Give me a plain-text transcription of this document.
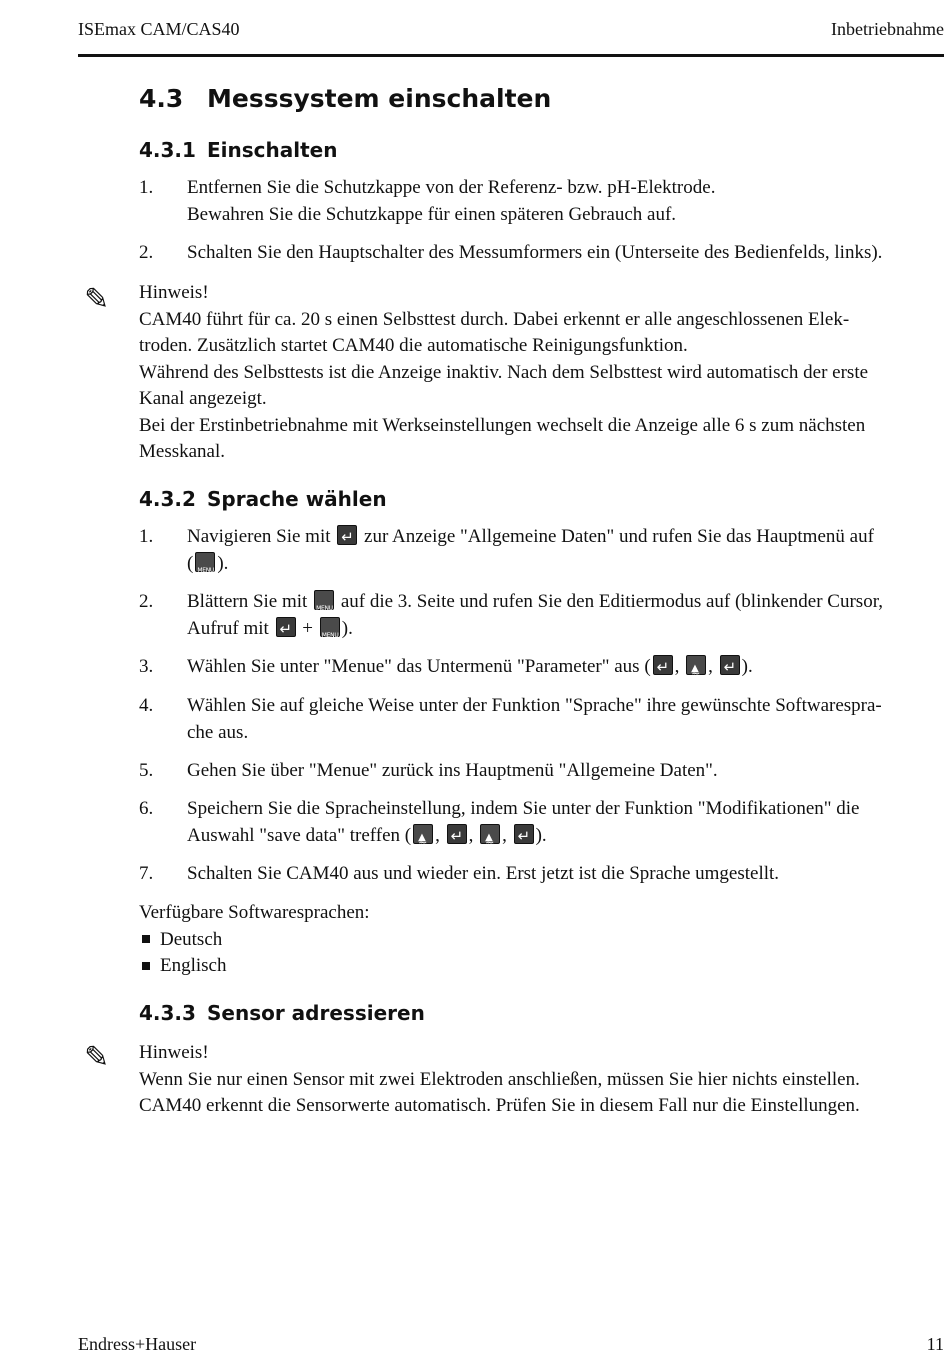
ISEmax CAM/CAS40	Inbetriebnahme
4.3 Messsystem einschalten
4.3.1 Einschalten
1. Entfernen Sie die Schutzkappe von der Referenz- bzw. pH-Elektrode.
Bewahren Sie die Schutzkappe für einen späteren Gebrauch auf.
2. Schalten Sie den Hauptschalter des Messumformers ein (Unterseite des Bedienfelds, links).
Hinweis!
CAM40 führt für ca. 20 s einen Selbsttest durch. Dabei erkennt er alle angeschlossenen Elek-
troden. Zusätzlich startet CAM40 die automatische Reinigungsfunktion.
Während des Selbsttests ist die Anzeige inaktiv. Nach dem Selbsttest wird automatisch der erste
Kanal angezeigt.
Bei der Erstinbetriebnahme mit Werkseinstellungen wechselt die Anzeige alle 6 s zum nächsten
Messkanal.
4.3.2 Sprache wählen
1. Navigieren Sie mit ↵ zur Anzeige "Allgemeine Daten" und rufen Sie das Hauptmenü auf
( MENU ).
2. Blättern Sie mit MENU auf die 3. Seite und rufen Sie den Editiermodus auf (blinkender Cursor,
Aufruf mit ↵ + MENU ).
3. Wählen Sie unter "Menue" das Untermenü "Parameter" aus ( ↵ , ≈ ▲ , ↵ ).
4. Wählen Sie auf gleiche Weise unter der Funktion "Sprache" ihre gewünschte Softwarespra-
che aus.
5. Gehen Sie über "Menue" zurück ins Hauptmenü "Allgemeine Daten".
6. Speichern Sie die Spracheinstellung, indem Sie unter der Funktion "Modifikationen" die
Auswahl "save data" treffen ( ≈ ▲ , ↵ , ≈ ▲ , ↵ ).
7. Schalten Sie CAM40 aus und wieder ein. Erst jetzt ist die Sprache umgestellt.
Verfügbare Softwaresprachen:
Deutsch
Englisch
4.3.3 Sensor adressieren
Hinweis!
Wenn Sie nur einen Sensor mit zwei Elektroden anschließen, müssen Sie hier nichts einstellen.
CAM40 erkennt die Sensorwerte automatisch. Prüfen Sie in diesem Fall nur die Einstellungen.
✎
✎
Endress+Hauser	11
